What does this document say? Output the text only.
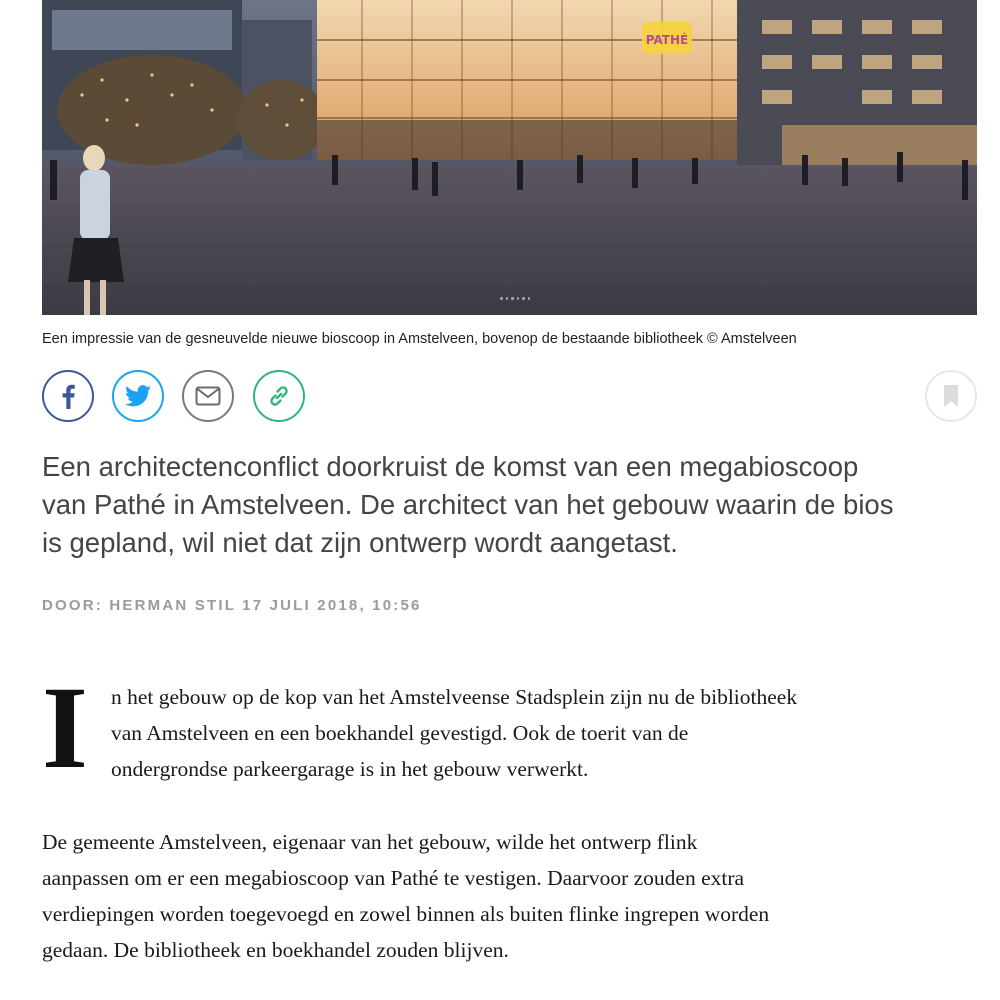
PATHÉ
Een impressie van de gesneuvelde nieuwe bioscoop in Amstelveen, bovenop de bestaande bibliotheek © Amstelveen
Een architectenconflict doorkruist de komst van een megabioscoop
van Pathé in Amstelveen. De architect van het gebouw waarin de bios
is gepland, wil niet dat zijn ontwerp wordt aangetast.
DOOR: HERMAN STIL 17 JULI 2018, 10:56
I n het gebouw op de kop van het Amstelveense Stadsplein zijn nu de bibliotheek
van Amstelveen en een boekhandel gevestigd. Ook de toerit van de
ondergrondse parkeergarage is in het gebouw verwerkt.
De gemeente Amstelveen, eigenaar van het gebouw, wilde het ontwerp flink
aanpassen om er een megabioscoop van Pathé te vestigen. Daarvoor zouden extra
verdiepingen worden toegevoegd en zowel binnen als buiten flinke ingrepen worden
gedaan. De bibliotheek en boekhandel zouden blijven.
